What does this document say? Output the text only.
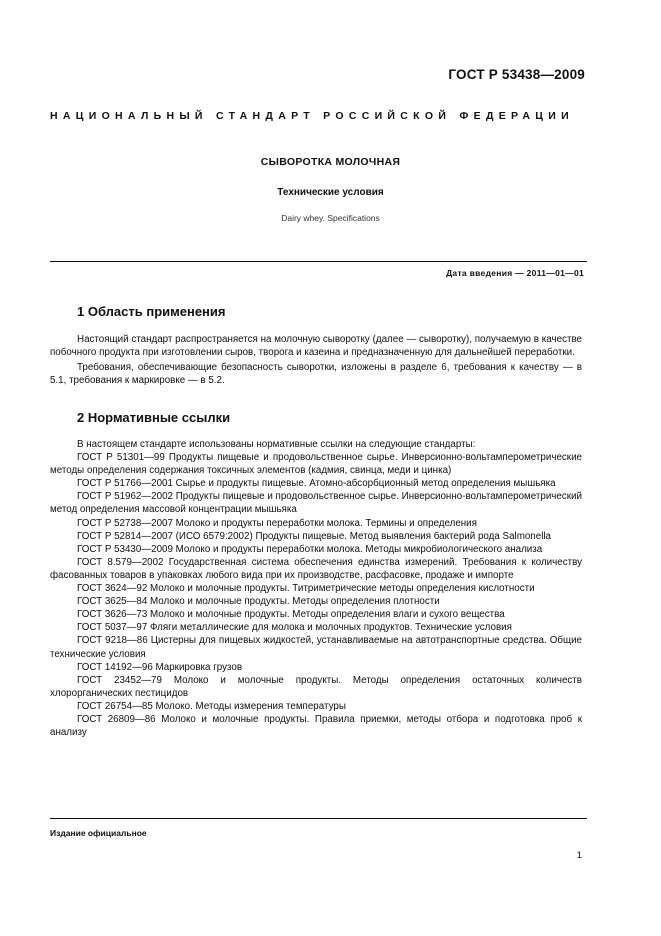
ГОСТ Р 53438—2009
НАЦИОНАЛЬНЫЙ СТАНДАРТ РОССИЙСКОЙ ФЕДЕРАЦИИ
СЫВОРОТКА МОЛОЧНАЯ
Технические условия
Dairy whey. Specifications
Дата введения — 2011—01—01
1 Область применения

Настоящий стандарт распространяется на молочную сыворотку (далее — сыворотку), получаемую в качестве побочного продукта при изготовлении сыров, творога и казеина и предназначенную для дальнейшей переработки.

Требования, обеспечивающие безопасность сыворотки, изложены в разделе 6, требования к качеству — в 5.1, требования к маркировке — в 5.2.

2 Нормативные ссылки

В настоящем стандарте использованы нормативные ссылки на следующие стандарты:

ГОСТ Р 51301—99 Продукты пищевые и продовольственное сырье. Инверсионно-вольтамперометрические методы определения содержания токсичных элементов (кадмия, свинца, меди и цинка)

ГОСТ Р 51766—2001 Сырье и продукты пищевые. Атомно-абсорбционный метод определения мышьяка

ГОСТ Р 51962—2002 Продукты пищевые и продовольственное сырье. Инверсионно-вольтамперометрический метод определения массовой концентрации мышьяка

ГОСТ Р 52738—2007 Молоко и продукты переработки молока. Термины и определения

ГОСТ Р 52814—2007 (ИСО 6579:2002) Продукты пищевые. Метод выявления бактерий рода Salmonella

ГОСТ Р 53430—2009 Молоко и продукты переработки молока. Методы микробиологического анализа

ГОСТ 8.579—2002 Государственная система обеспечения единства измерений. Требования к количеству фасованных товаров в упаковках любого вида при их производстве, расфасовке, продаже и импорте

ГОСТ 3624—92 Молоко и молочные продукты. Титриметрические методы определения кислотности

ГОСТ 3625—84 Молоко и молочные продукты. Методы определения плотности

ГОСТ 3626—73 Молоко и молочные продукты. Методы определения влаги и сухого вещества

ГОСТ 5037—97 Фляги металлические для молока и молочных продуктов. Технические условия

ГОСТ 9218—86 Цистерны для пищевых жидкостей, устанавливаемые на автотранспортные средства. Общие технические условия

ГОСТ 14192—96 Маркировка грузов

ГОСТ 23452—79 Молоко и молочные продукты. Методы определения остаточных количеств хлорорганических пестицидов

ГОСТ 26754—85 Молоко. Методы измерения температуры

ГОСТ 26809—86 Молоко и молочные продукты. Правила приемки, методы отбора и подготовка проб к анализу

Издание официальное
1
